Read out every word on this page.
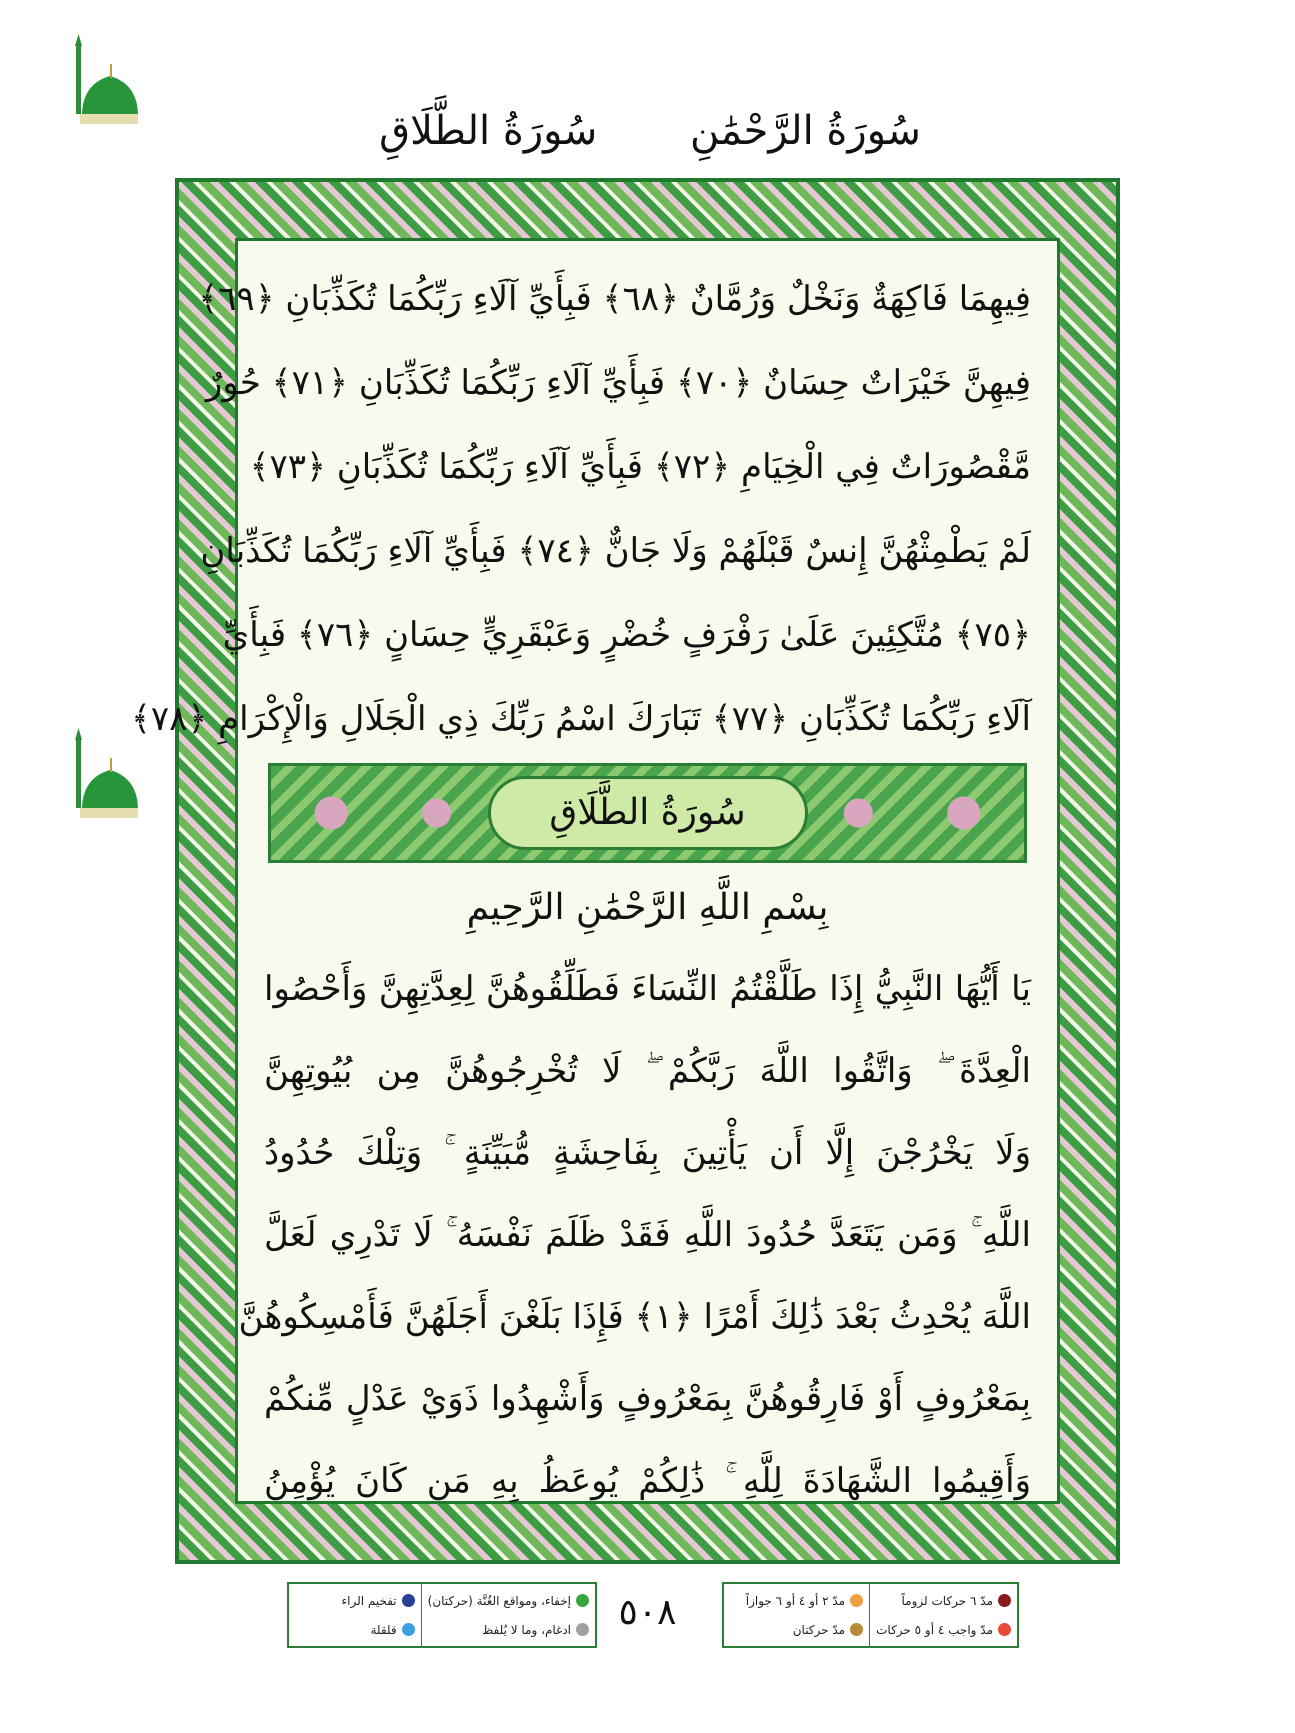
سُورَةُ الرَّحْمَٰنِ سُورَةُ الطَّلَاقِ
فِيهِمَا فَاكِهَةٌ وَنَخْلٌ وَرُمَّانٌ ﴿٦٨﴾ فَبِأَيِّ آلَاءِ رَبِّكُمَا تُكَذِّبَانِ ﴿٦٩﴾
فِيهِنَّ خَيْرَاتٌ حِسَانٌ ﴿٧٠﴾ فَبِأَيِّ آلَاءِ رَبِّكُمَا تُكَذِّبَانِ ﴿٧١﴾ حُورٌ
مَّقْصُورَاتٌ فِي الْخِيَامِ ﴿٧٢﴾ فَبِأَيِّ آلَاءِ رَبِّكُمَا تُكَذِّبَانِ ﴿٧٣﴾
لَمْ يَطْمِثْهُنَّ إِنسٌ قَبْلَهُمْ وَلَا جَانٌّ ﴿٧٤﴾ فَبِأَيِّ آلَاءِ رَبِّكُمَا تُكَذِّبَانِ
﴿٧٥﴾ مُتَّكِئِينَ عَلَىٰ رَفْرَفٍ خُضْرٍ وَعَبْقَرِيٍّ حِسَانٍ ﴿٧٦﴾ فَبِأَيِّ
آلَاءِ رَبِّكُمَا تُكَذِّبَانِ ﴿٧٧﴾ تَبَارَكَ اسْمُ رَبِّكَ ذِي الْجَلَالِ وَالْإِكْرَامِ ﴿٧٨﴾
سُورَةُ الطَّلَاقِ
بِسْمِ اللَّهِ الرَّحْمَٰنِ الرَّحِيمِ
يَا أَيُّهَا النَّبِيُّ إِذَا طَلَّقْتُمُ النِّسَاءَ فَطَلِّقُوهُنَّ لِعِدَّتِهِنَّ وَأَحْصُوا
الْعِدَّةَ ۖ وَاتَّقُوا اللَّهَ رَبَّكُمْ ۖ لَا تُخْرِجُوهُنَّ مِن بُيُوتِهِنَّ
وَلَا يَخْرُجْنَ إِلَّا أَن يَأْتِينَ بِفَاحِشَةٍ مُّبَيِّنَةٍ ۚ وَتِلْكَ حُدُودُ
اللَّهِ ۚ وَمَن يَتَعَدَّ حُدُودَ اللَّهِ فَقَدْ ظَلَمَ نَفْسَهُ ۚ لَا تَدْرِي لَعَلَّ
اللَّهَ يُحْدِثُ بَعْدَ ذَٰلِكَ أَمْرًا ﴿١﴾ فَإِذَا بَلَغْنَ أَجَلَهُنَّ فَأَمْسِكُوهُنَّ
بِمَعْرُوفٍ أَوْ فَارِقُوهُنَّ بِمَعْرُوفٍ وَأَشْهِدُوا ذَوَيْ عَدْلٍ مِّنكُمْ
وَأَقِيمُوا الشَّهَادَةَ لِلَّهِ ۚ ذَٰلِكُمْ يُوعَظُ بِهِ مَن كَانَ يُؤْمِنُ
إخفاء، ومواقع الغُنَّة (حركتان)
ادغام، وما لا يُلفظ
تفخيم الراء
قلقلة	٥٠٨	مدّ ٦ حركات لزوماً
مدّ واجب ٤ أو ٥ حركات
مدّ ٢ أو ٤ أو ٦ جوازاً
مدّ حركتان
